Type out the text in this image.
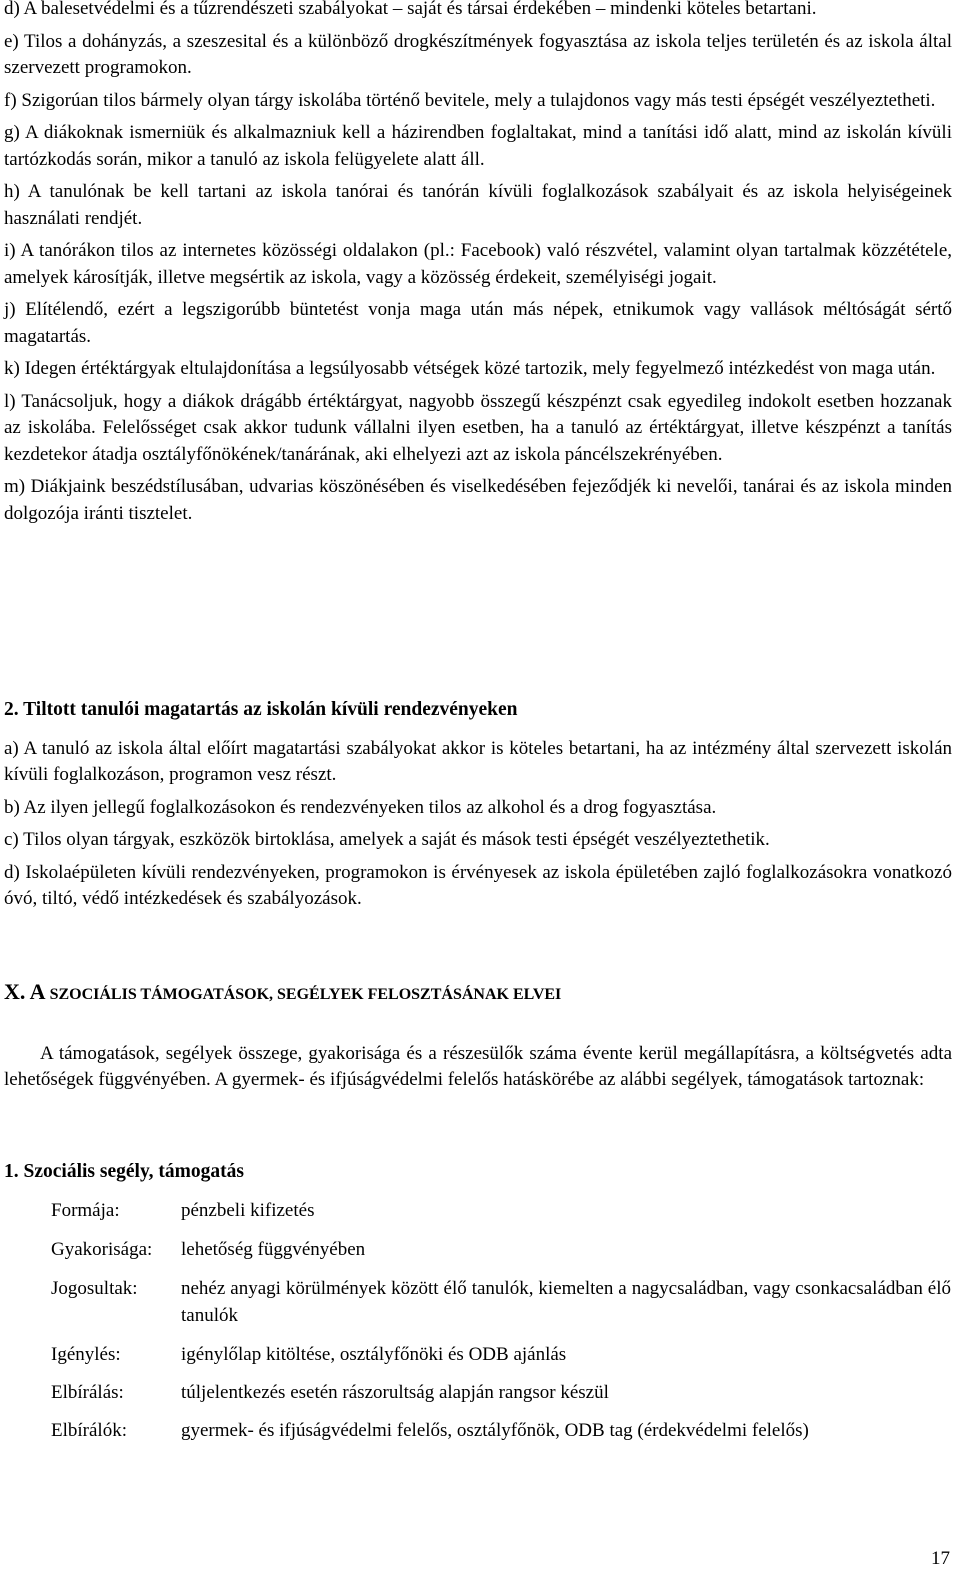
d) A balesetvédelmi és a tűzrendészeti szabályokat – saját és társai érdekében – mindenki köteles betartani.

e) Tilos a dohányzás, a szeszesital és a különböző drogkészítmények fogyasztása az iskola teljes területén és az iskola által szervezett programokon.

f) Szigorúan tilos bármely olyan tárgy iskolába történő bevitele, mely a tulajdonos vagy más testi épségét veszélyeztetheti.

g) A diákoknak ismerniük és alkalmazniuk kell a házirendben foglaltakat, mind a tanítási idő alatt, mind az iskolán kívüli tartózkodás során, mikor a tanuló az iskola felügyelete alatt áll.

h) A tanulónak be kell tartani az iskola tanórai és tanórán kívüli foglalkozások szabályait és az iskola helyiségeinek használati rendjét.

i) A tanórákon tilos az internetes közösségi oldalakon (pl.: Facebook) való részvétel, valamint olyan tartalmak közzététele, amelyek károsítják, illetve megsértik az iskola, vagy a közösség érdekeit, személyiségi jogait.

j) Elítélendő, ezért a legszigorúbb büntetést vonja maga után más népek, etnikumok vagy vallások méltóságát sértő magatartás.

k) Idegen értéktárgyak eltulajdonítása a legsúlyosabb vétségek közé tartozik, mely fegyelmező intézkedést von maga után.

l) Tanácsoljuk, hogy a diákok drágább értéktárgyat, nagyobb összegű készpénzt csak egyedileg indokolt esetben hozzanak az iskolába. Felelősséget csak akkor tudunk vállalni ilyen esetben, ha a tanuló az értéktárgyat, illetve készpénzt a tanítás kezdetekor átadja osztályfőnökének/tanárának, aki elhelyezi azt az iskola páncélszekrényében.

m) Diákjaink beszédstílusában, udvarias köszönésében és viselkedésében fejeződjék ki nevelői, tanárai és az iskola minden dolgozója iránti tisztelet.

2. Tiltott tanulói magatartás az iskolán kívüli rendezvényeken

a) A tanuló az iskola által előírt magatartási szabályokat akkor is köteles betartani, ha az intézmény által szervezett iskolán kívüli foglalkozáson, programon vesz részt.

b) Az ilyen jellegű foglalkozásokon és rendezvényeken tilos az alkohol és a drog fogyasztása.

c) Tilos olyan tárgyak, eszközök birtoklása, amelyek a saját és mások testi épségét veszélyeztethetik.

d) Iskolaépületen kívüli rendezvényeken, programokon is érvényesek az iskola épületében zajló foglalkozásokra vonatkozó óvó, tiltó, védő intézkedések és szabályozások.

X. A SZOCIÁLIS TÁMOGATÁSOK, SEGÉLYEK FELOSZTÁSÁNAK ELVEI

A támogatások, segélyek összege, gyakorisága és a részesülők száma évente kerül megállapításra, a költségvetés adta lehetőségek függvényében. A gyermek- és ifjúságvédelmi felelős hatáskörébe az alábbi segélyek, támogatások tartoznak:

1. Szociális segély, támogatás

Formája:	pénzbeli kifizetés
Gyakorisága:	lehetőség függvényében
Jogosultak:	nehéz anyagi körülmények között élő tanulók, kiemelten a nagycsaládban, vagy csonkacsaládban élő tanulók
Igénylés:	igénylőlap kitöltése, osztályfőnöki és ODB ajánlás
Elbírálás:	túljelentkezés esetén rászorultság alapján rangsor készül
Elbírálók:	gyermek- és ifjúságvédelmi felelős, osztályfőnök, ODB tag (érdekvédelmi felelős)
17
